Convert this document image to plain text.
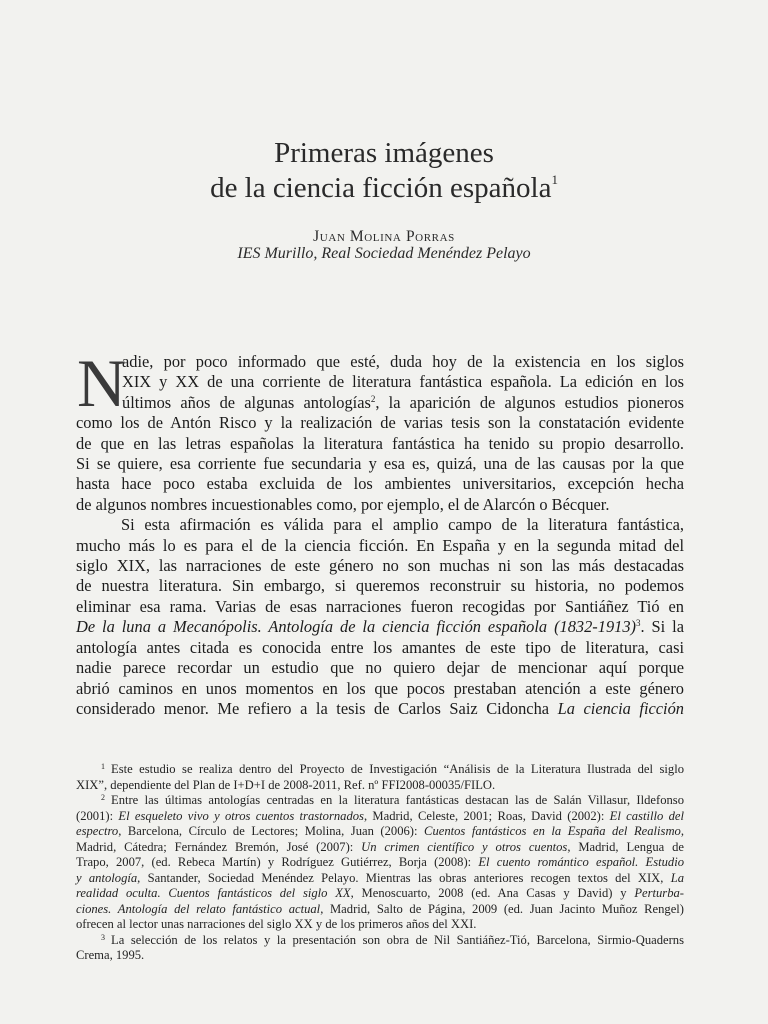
Primeras imágenes
de la ciencia ficción española$^1$
Juan Molina Porras
IES Murillo, Real Sociedad Menéndez Pelayo
N
adie, por poco informado que esté, duda hoy de la existencia en los siglos
XIX y XX de una corriente de literatura fantástica española. La edición en los
últimos años de algunas antologías$^2$, la aparición de algunos estudios pioneros
como los de Antón Risco y la realización de varias tesis son la constatación evidente
de que en las letras españolas la literatura fantástica ha tenido su propio desarrollo.
Si se quiere, esa corriente fue secundaria y esa es, quizá, una de las causas por la que
hasta hace poco estaba excluida de los ambientes universitarios, excepción hecha
de algunos nombres incuestionables como, por ejemplo, el de Alarcón o Bécquer.
Si esta afirmación es válida para el amplio campo de la literatura fantástica,
mucho más lo es para el de la ciencia ficción. En España y en la segunda mitad del
siglo XIX, las narraciones de este género no son muchas ni son las más destacadas
de nuestra literatura. Sin embargo, si queremos reconstruir su historia, no podemos
eliminar esa rama. Varias de esas narraciones fueron recogidas por Santiáñez Tió en
De la luna a Mecanópolis. Antología de la ciencia ficción española (1832-1913)$^3$. Si la
antología antes citada es conocida entre los amantes de este tipo de literatura, casi
nadie parece recordar un estudio que no quiero dejar de mencionar aquí porque
abrió caminos en unos momentos en los que pocos prestaban atención a este género
considerado menor. Me refiero a la tesis de Carlos Saiz Cidoncha La ciencia ficción
$^1$ Este estudio se realiza dentro del Proyecto de Investigación “Análisis de la Literatura Ilustrada del siglo
XIX”, dependiente del Plan de I+D+I de 2008-2011, Ref. nº FFI2008-00035/FILO.
$^2$ Entre las últimas antologías centradas en la literatura fantásticas destacan las de Salán Villasur, Ildefonso
(2001): El esqueleto vivo y otros cuentos trastornados, Madrid, Celeste, 2001; Roas, David (2002): El castillo del
espectro, Barcelona, Círculo de Lectores; Molina, Juan (2006): Cuentos fantásticos en la España del Realismo,
Madrid, Cátedra; Fernández Bremón, José (2007): Un crimen científico y otros cuentos, Madrid, Lengua de
Trapo, 2007, (ed. Rebeca Martín) y Rodríguez Gutiérrez, Borja (2008): El cuento romántico español. Estudio
y antología, Santander, Sociedad Menéndez Pelayo. Mientras las obras anteriores recogen textos del XIX, La
realidad oculta. Cuentos fantásticos del siglo XX, Menoscuarto, 2008 (ed. Ana Casas y David) y Perturba-
ciones. Antología del relato fantástico actual, Madrid, Salto de Página, 2009 (ed. Juan Jacinto Muñoz Rengel)
ofrecen al lector unas narraciones del siglo XX y de los primeros años del XXI.
$^3$ La selección de los relatos y la presentación son obra de Nil Santiáñez-Tió, Barcelona, Sirmio-Quaderns
Crema, 1995.
